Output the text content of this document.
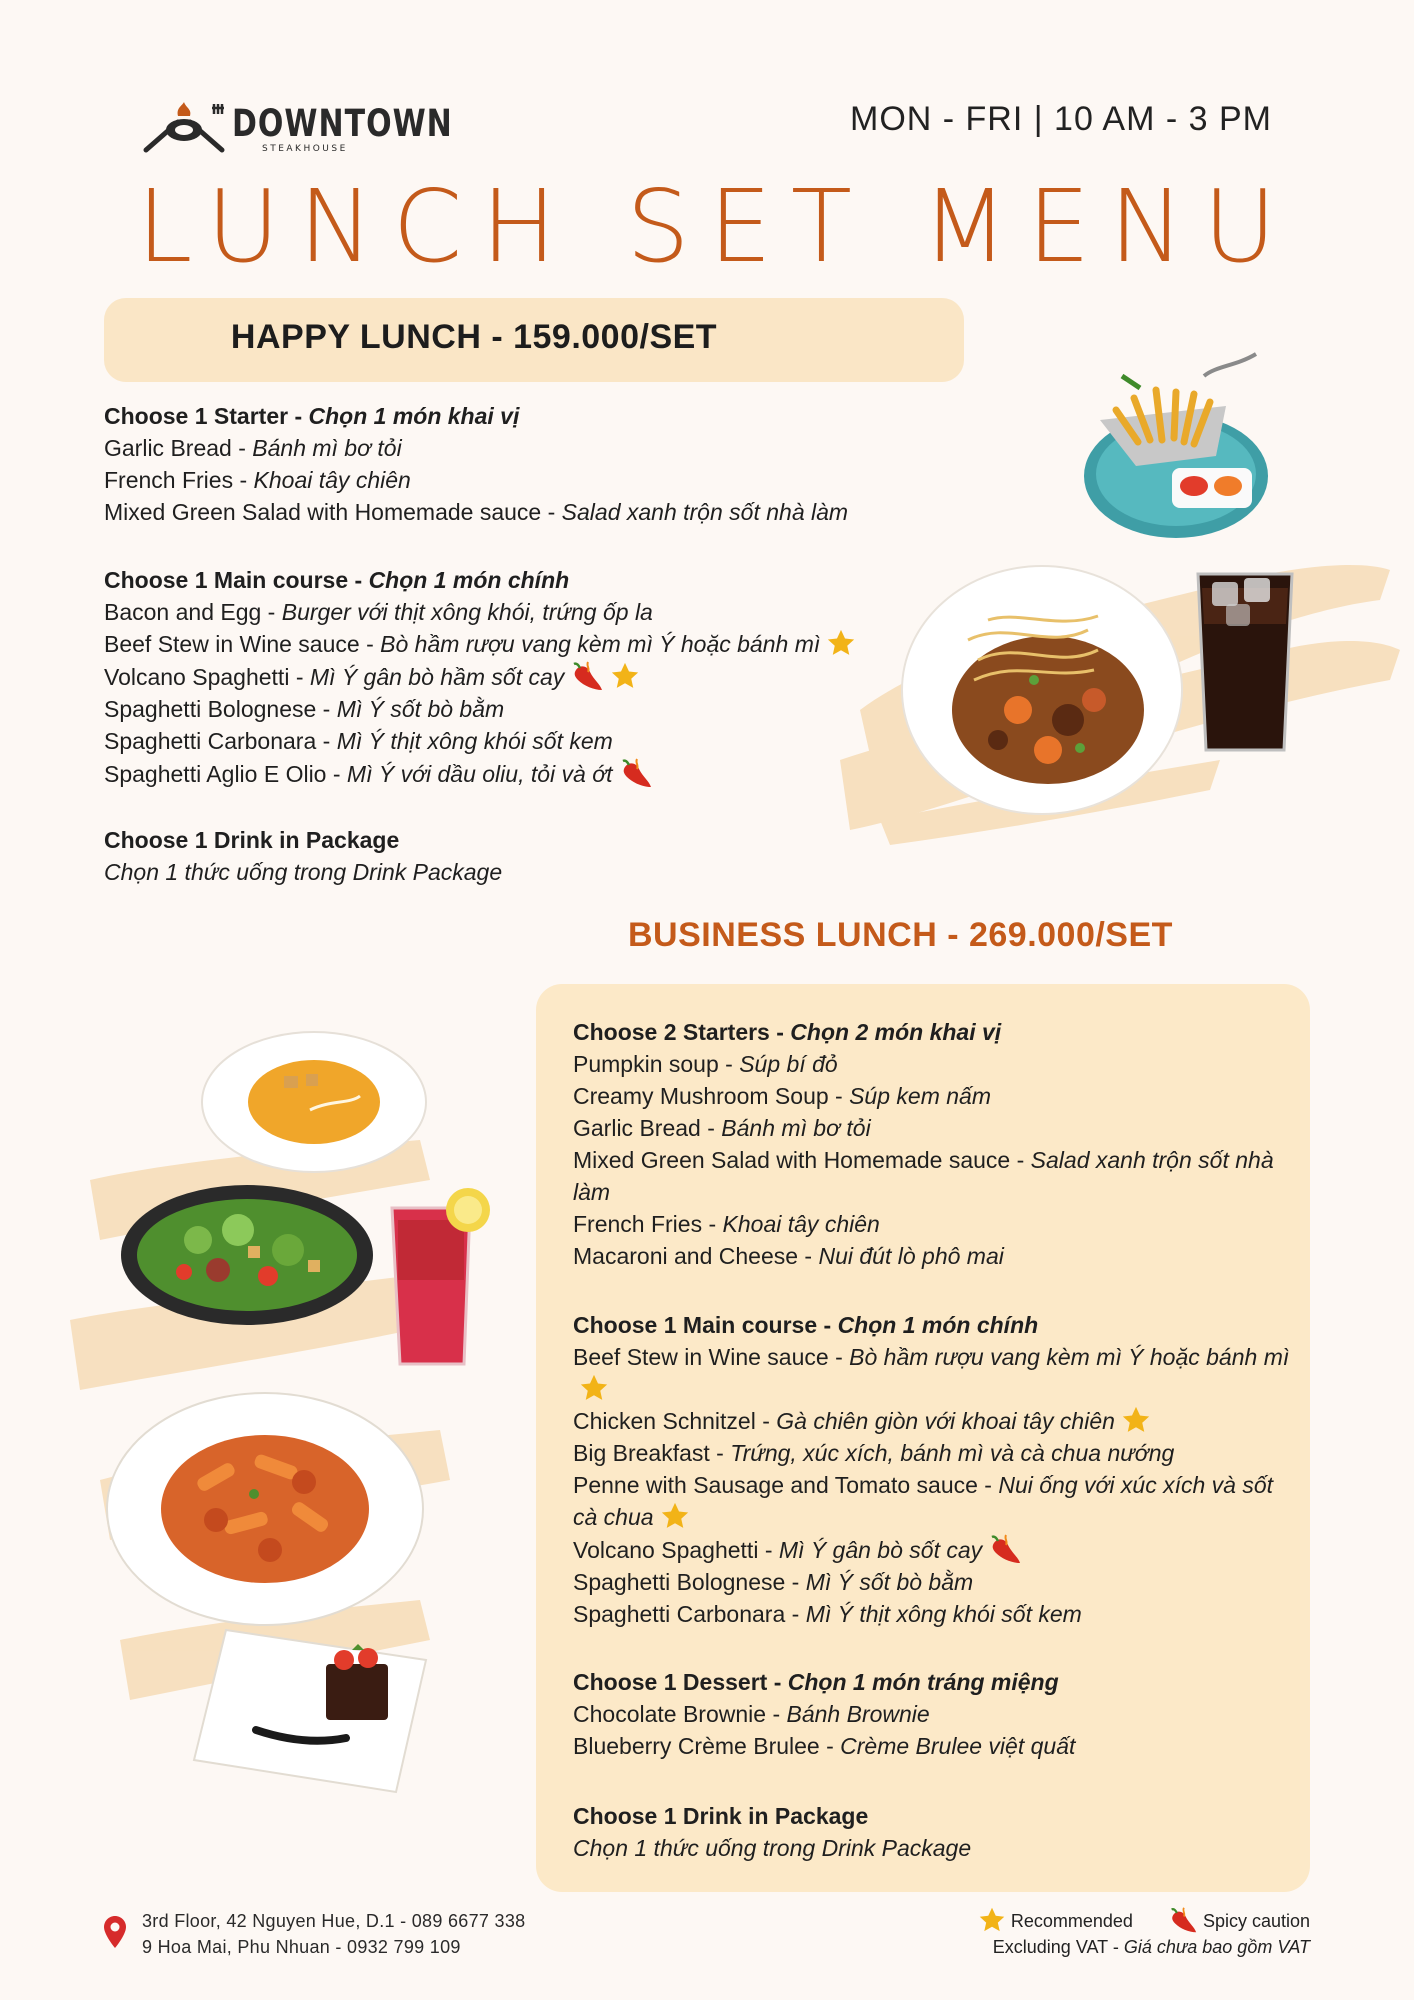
DOWNTOWN
STEAKHOUSE
MON - FRI | 10 AM - 3 PM
LUNCH SET MENU
HAPPY LUNCH - 159.000/SET
Choose 1 Starter - Chọn 1 món khai vị
Garlic Bread - Bánh mì bơ tỏi
French Fries - Khoai tây chiên
Mixed Green Salad with Homemade sauce - Salad xanh trộn sốt nhà làm
Choose 1 Main course - Chọn 1 món chính
Bacon and Egg - Burger với thịt xông khói, trứng ốp la
Beef Stew in Wine sauce - Bò hầm rượu vang kèm mì Ý hoặc bánh mì
Volcano Spaghetti - Mì Ý gân bò hầm sốt cay
Spaghetti Bolognese - Mì Ý sốt bò bằm
Spaghetti Carbonara - Mì Ý thịt xông khói sốt kem
Spaghetti Aglio E Olio - Mì Ý với dầu oliu, tỏi và ớt
Choose 1 Drink in Package
Chọn 1 thức uống trong Drink Package
BUSINESS LUNCH - 269.000/SET
Choose 2 Starters - Chọn 2 món khai vị
Pumpkin soup - Súp bí đỏ
Creamy Mushroom Soup - Súp kem nấm
Garlic Bread - Bánh mì bơ tỏi
Mixed Green Salad with Homemade sauce - Salad xanh trộn sốt nhà làm
French Fries - Khoai tây chiên
Macaroni and Cheese - Nui đút lò phô mai
Choose 1 Main course - Chọn 1 món chính
Beef Stew in Wine sauce - Bò hầm rượu vang kèm mì Ý hoặc bánh mì
Chicken Schnitzel - Gà chiên giòn với khoai tây chiên
Big Breakfast - Trứng, xúc xích, bánh mì và cà chua nướng
Penne with Sausage and Tomato sauce - Nui ống với xúc xích và sốt cà chua
Volcano Spaghetti - Mì Ý gân bò sốt cay
Spaghetti Bolognese - Mì Ý sốt bò bằm
Spaghetti Carbonara - Mì Ý thịt xông khói sốt kem
Choose 1 Dessert - Chọn 1 món tráng miệng
Chocolate Brownie - Bánh Brownie
Blueberry Crème Brulee - Crème Brulee việt quất
Choose 1 Drink in Package
Chọn 1 thức uống trong Drink Package
3rd Floor, 42 Nguyen Hue, D.1 - 089 6677 338
9 Hoa Mai, Phu Nhuan - 0932 799 109
Recommended	Spicy caution
Excluding VAT - Giá chưa bao gồm VAT
